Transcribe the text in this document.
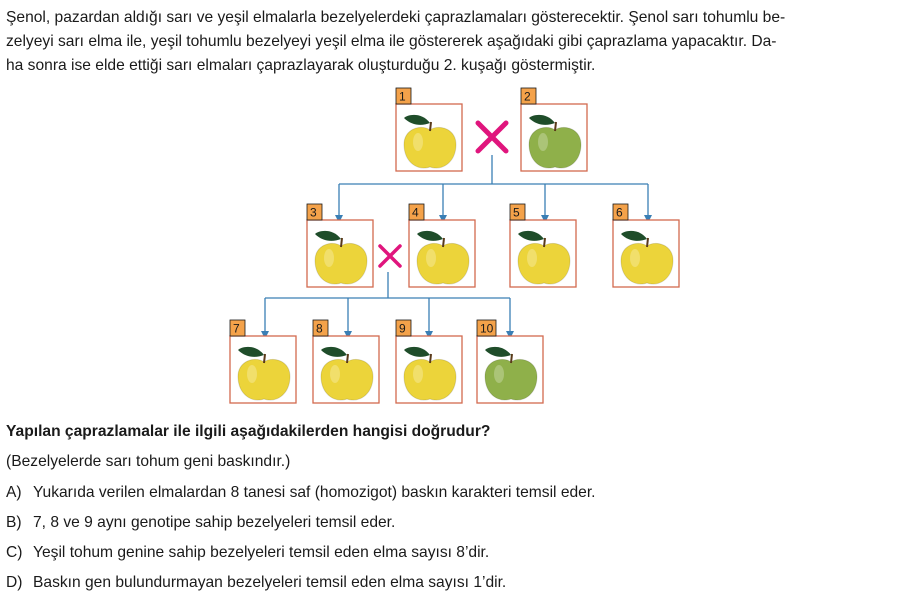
Şenol, pazardan aldığı sarı ve yeşil elmalarla bezelyelerdeki çaprazlamaları gösterecektir. Şenol sarı tohumlu be-
zelyeyi sarı elma ile, yeşil tohumlu bezelyeyi yeşil elma ile göstererek aşağıdaki gibi çaprazlama yapacaktır. Da-
ha sonra ise elde ettiği sarı elmaları çaprazlayarak oluşturduğu 2. kuşağı göstermiştir.
1	2
3	4	5	6
7	8	9	10

Yapılan çaprazlamalar ile ilgili aşağıdakilerden hangisi doğrudur?

(Bezelyelerde sarı tohum geni baskındır.)

A) Yukarıda verilen elmalardan 8 tanesi saf (homozigot) baskın karakteri temsil eder.
B) 7, 8 ve 9 aynı genotipe sahip bezelyeleri temsil eder.
C) Yeşil tohum genine sahip bezelyeleri temsil eden elma sayısı 8’dir.
D) Baskın gen bulundurmayan bezelyeleri temsil eden elma sayısı 1’dir.
